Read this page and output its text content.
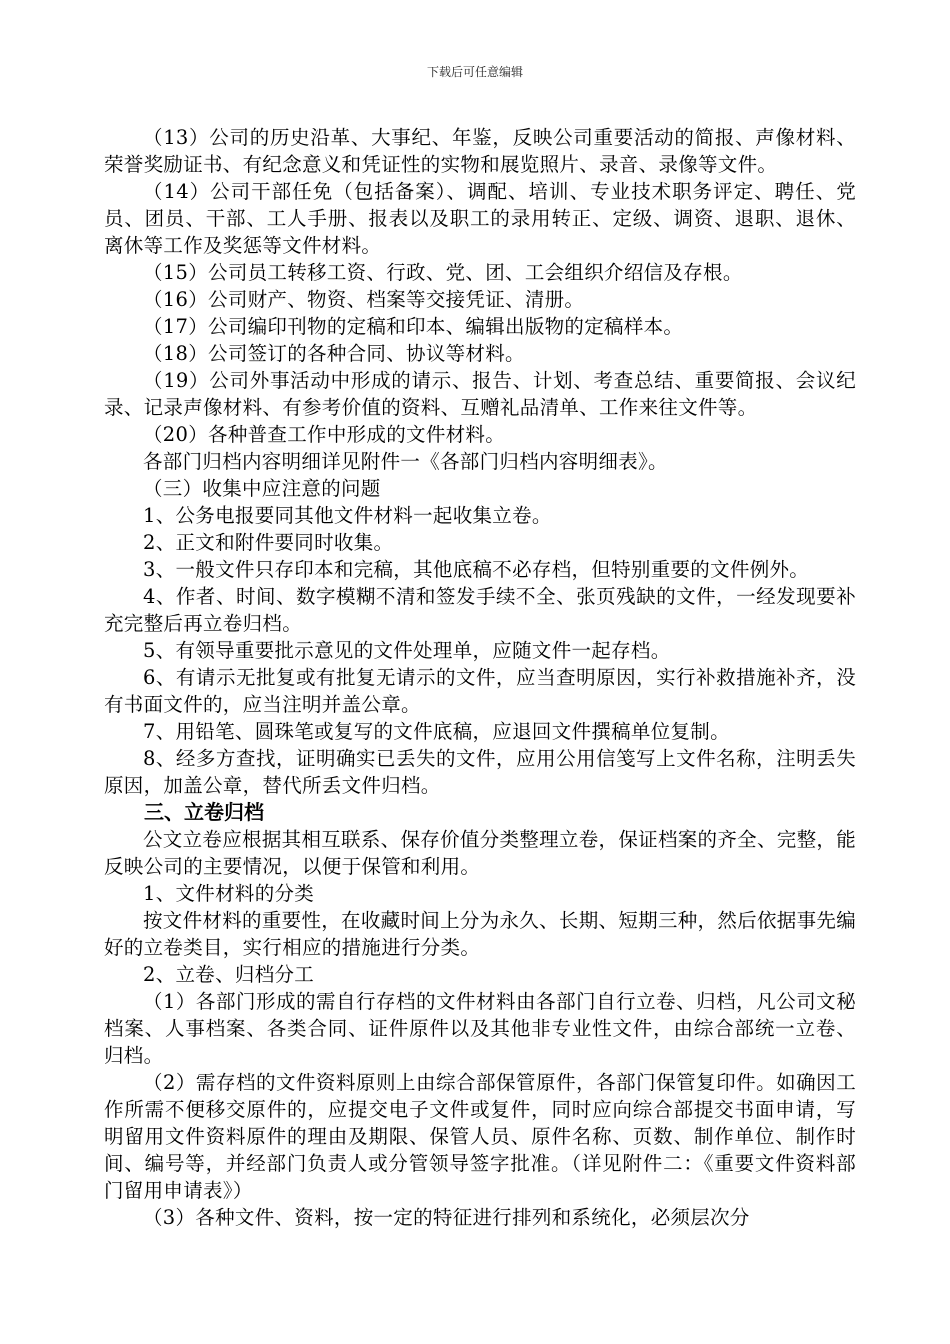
下载后可任意编辑

（13）公司的历史沿革、大事纪、年鉴，反映公司重要活动的简报、声像材料、荣誉奖励证书、有纪念意义和凭证性的实物和展览照片、录音、录像等文件。

（14）公司干部任免（包括备案）、调配、培训、专业技术职务评定、聘任、党员、团员、干部、工人手册、报表以及职工的录用转正、定级、调资、退职、退休、离休等工作及奖惩等文件材料。

（15）公司员工转移工资、行政、党、团、工会组织介绍信及存根。

（16）公司财产、物资、档案等交接凭证、清册。

（17）公司编印刊物的定稿和印本、编辑出版物的定稿样本。

（18）公司签订的各种合同、协议等材料。

（19）公司外事活动中形成的请示、报告、计划、考查总结、重要简报、会议纪录、记录声像材料、有参考价值的资料、互赠礼品清单、工作来往文件等。

（20）各种普查工作中形成的文件材料。

各部门归档内容明细详见附件一《各部门归档内容明细表》。

（三）收集中应注意的问题

1、公务电报要同其他文件材料一起收集立卷。

2、正文和附件要同时收集。

3、一般文件只存印本和完稿，其他底稿不必存档，但特别重要的文件例外。

4、作者、时间、数字模糊不清和签发手续不全、张页残缺的文件，一经发现要补充完整后再立卷归档。

5、有领导重要批示意见的文件处理单，应随文件一起存档。

6、有请示无批复或有批复无请示的文件，应当查明原因，实行补救措施补齐，没有书面文件的，应当注明并盖公章。

7、用铅笔、圆珠笔或复写的文件底稿，应退回文件撰稿单位复制。

8、经多方查找，证明确实已丢失的文件，应用公用信笺写上文件名称，注明丢失原因，加盖公章，替代所丢文件归档。

三、立卷归档

公文立卷应根据其相互联系、保存价值分类整理立卷，保证档案的齐全、完整，能反映公司的主要情况，以便于保管和利用。

1、文件材料的分类

按文件材料的重要性，在收藏时间上分为永久、长期、短期三种，然后依据事先编好的立卷类目，实行相应的措施进行分类。

2、立卷、归档分工

（1）各部门形成的需自行存档的文件材料由各部门自行立卷、归档，凡公司文秘档案、人事档案、各类合同、证件原件以及其他非专业性文件，由综合部统一立卷、归档。

（2）需存档的文件资料原则上由综合部保管原件，各部门保管复印件。如确因工作所需不便移交原件的，应提交电子文件或复件，同时应向综合部提交书面申请，写明留用文件资料原件的理由及期限、保管人员、原件名称、页数、制作单位、制作时间、编号等，并经部门负责人或分管领导签字批准。（详见附件二：《重要文件资料部门留用申请表》）

（3）各种文件、资料，按一定的特征进行排列和系统化，必须层次分
